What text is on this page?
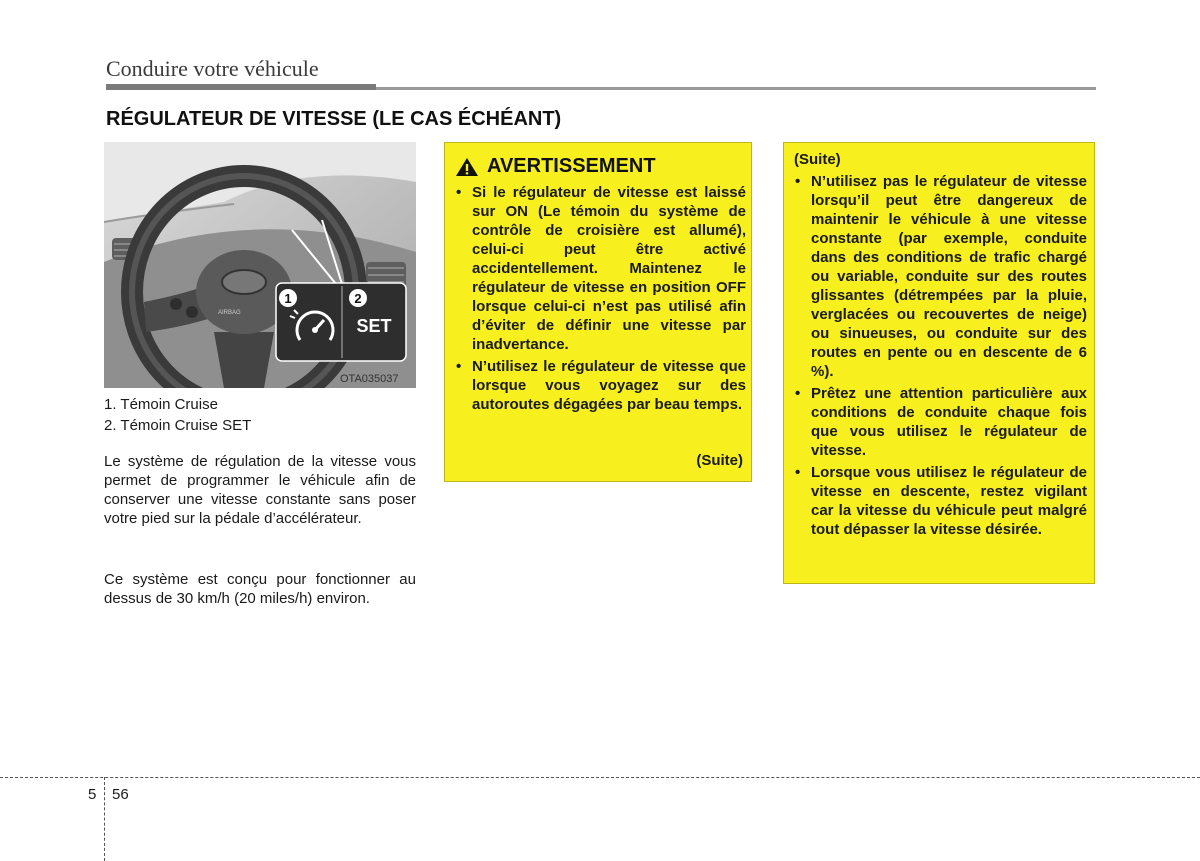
Conduire votre véhicule
RÉGULATEUR DE VITESSE (LE CAS ÉCHÉANT)
AIRBAG
1	2
SET
OTA035037
1. Témoin Cruise
2. Témoin Cruise SET
Le système de régulation de la vitesse vous permet de programmer le véhicule afin de conserver une vitesse constante sans poser votre pied sur la pédale d’accélérateur.
Ce système est conçu pour fonctionner au dessus de 30 km/h (20 miles/h) environ.
AVERTISSEMENT
• Si le régulateur de vitesse est laissé sur ON (Le témoin du système de contrôle de croisière est allumé), celui-ci peut être activé accidentellement. Maintenez le régulateur de vitesse en position OFF lorsque celui-ci n’est pas utilisé afin d’éviter de définir une vitesse par inadvertance.
• N’utilisez le régulateur de vitesse que lorsque vous voyagez sur des autoroutes dégagées par beau temps.
(Suite)
(Suite)
• N’utilisez pas le régulateur de vitesse lorsqu’il peut être dangereux de maintenir le véhicule à une vitesse constante (par exemple, conduite dans des conditions de trafic chargé ou variable, conduite sur des routes glissantes (détrempées par la pluie, verglacées ou recouvertes de neige) ou sinueuses, ou conduite sur des routes en pente ou en descente de 6 %).
• Prêtez une attention particulière aux conditions de conduite chaque fois que vous utilisez le régulateur de vitesse.
• Lorsque vous utilisez le régulateur de vitesse en descente, restez vigilant car la vitesse du véhicule peut malgré tout dépasser la vitesse désirée.
5 56
